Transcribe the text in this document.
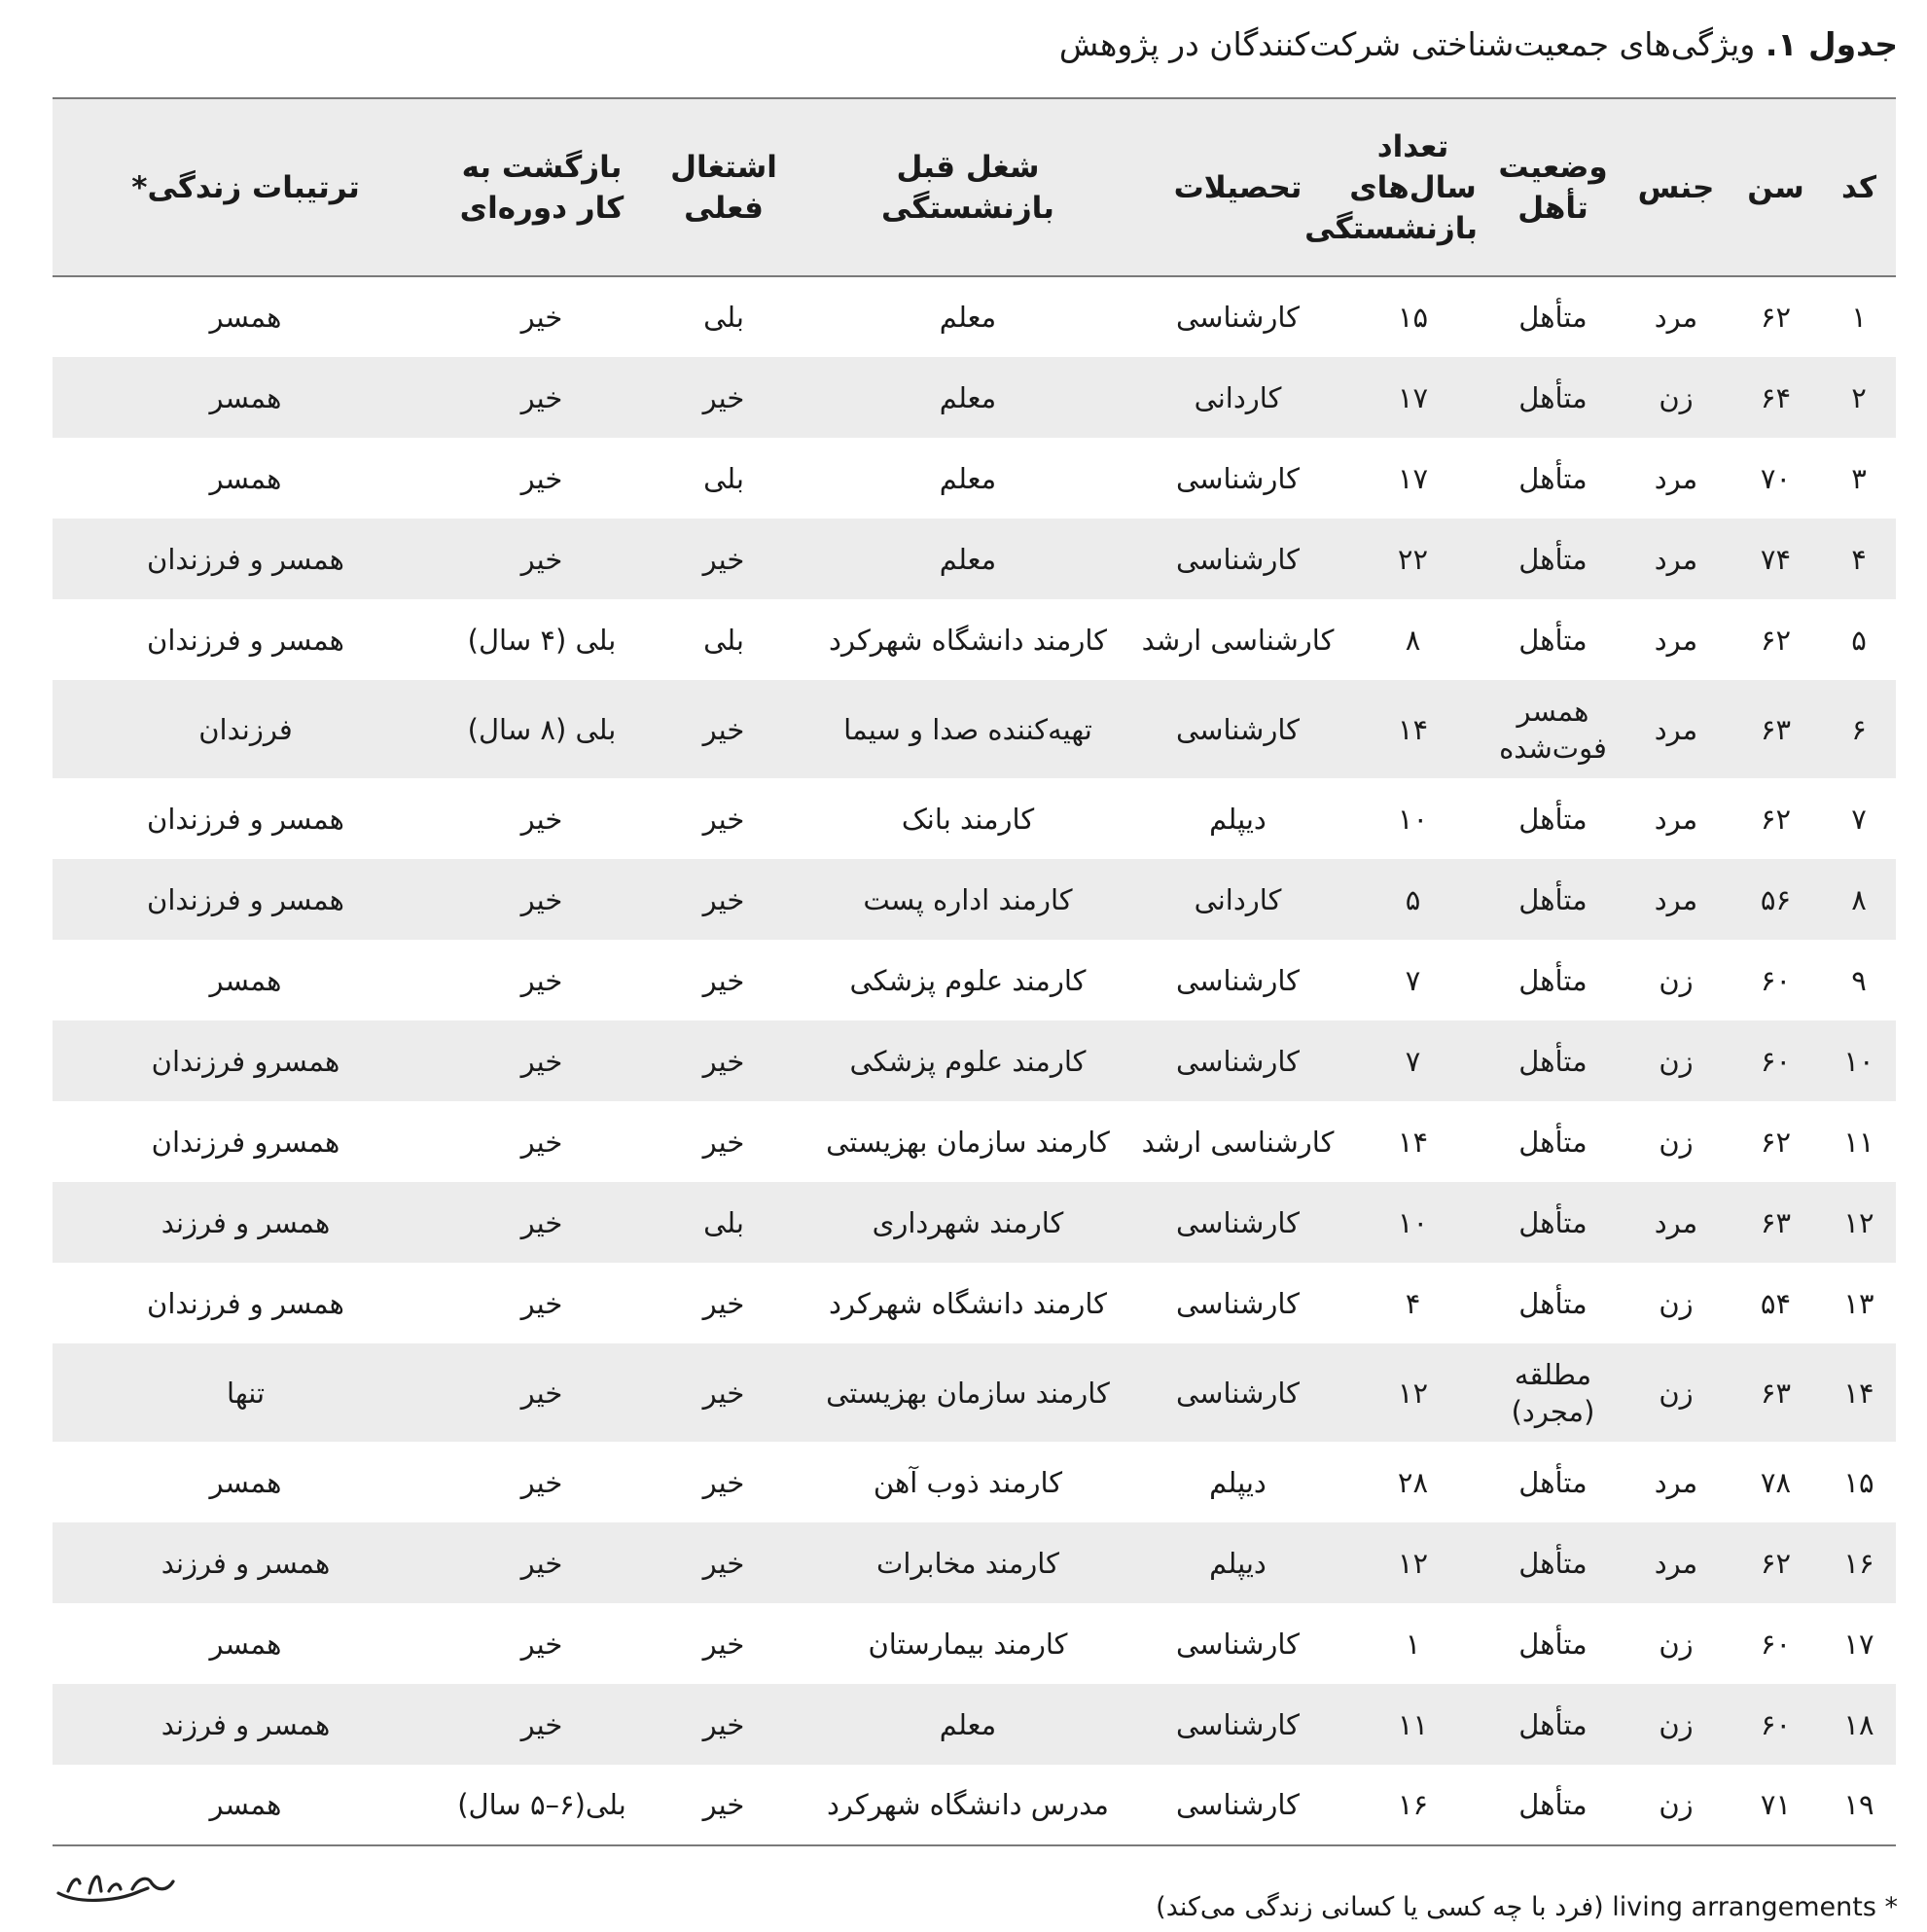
جدول ۱. ویژگی‌های جمعیت‌شناختی شرکت‌کنندگان در پژوهش
کد	سن	جنس	وضعیت تأهل	تعداد سال‌های بازنشستگی	تحصیلات	شغل قبل بازنشستگی	اشتغال فعلی	بازگشت به کار دوره‌ای	ترتیبات زندگی*
۱	۶۲	مرد	متأهل	۱۵	کارشناسی	معلم	بلی	خیر	همسر
۲	۶۴	زن	متأهل	۱۷	کاردانی	معلم	خیر	خیر	همسر
۳	۷۰	مرد	متأهل	۱۷	کارشناسی	معلم	بلی	خیر	همسر
۴	۷۴	مرد	متأهل	۲۲	کارشناسی	معلم	خیر	خیر	همسر و فرزندان
۵	۶۲	مرد	متأهل	۸	کارشناسی ارشد	کارمند دانشگاه شهرکرد	بلی	بلی (۴ سال)	همسر و فرزندان
۶	۶۳	مرد	همسر فوت‌شده	۱۴	کارشناسی	تهیه‌کننده صدا و سیما	خیر	بلی (۸ سال)	فرزندان
۷	۶۲	مرد	متأهل	۱۰	دیپلم	کارمند بانک	خیر	خیر	همسر و فرزندان
۸	۵۶	مرد	متأهل	۵	کاردانی	کارمند اداره پست	خیر	خیر	همسر و فرزندان
۹	۶۰	زن	متأهل	۷	کارشناسی	کارمند علوم پزشکی	خیر	خیر	همسر
۱۰	۶۰	زن	متأهل	۷	کارشناسی	کارمند علوم پزشکی	خیر	خیر	همسرو فرزندان
۱۱	۶۲	زن	متأهل	۱۴	کارشناسی ارشد	کارمند سازمان بهزیستی	خیر	خیر	همسرو فرزندان
۱۲	۶۳	مرد	متأهل	۱۰	کارشناسی	کارمند شهرداری	بلی	خیر	همسر و فرزند
۱۳	۵۴	زن	متأهل	۴	کارشناسی	کارمند دانشگاه شهرکرد	خیر	خیر	همسر و فرزندان
۱۴	۶۳	زن	مطلقه (مجرد)	۱۲	کارشناسی	کارمند سازمان بهزیستی	خیر	خیر	تنها
۱۵	۷۸	مرد	متأهل	۲۸	دیپلم	کارمند ذوب آهن	خیر	خیر	همسر
۱۶	۶۲	مرد	متأهل	۱۲	دیپلم	کارمند مخابرات	خیر	خیر	همسر و فرزند
۱۷	۶۰	زن	متأهل	۱	کارشناسی	کارمند بیمارستان	خیر	خیر	همسر
۱۸	۶۰	زن	متأهل	۱۱	کارشناسی	معلم	خیر	خیر	همسر و فرزند
۱۹	۷۱	زن	متأهل	۱۶	کارشناسی	مدرس دانشگاه شهرکرد	خیر	بلی(۶–۵ سال)	همسر
* living arrangements (فرد با چه کسی یا کسانی زندگی می‌کند)
